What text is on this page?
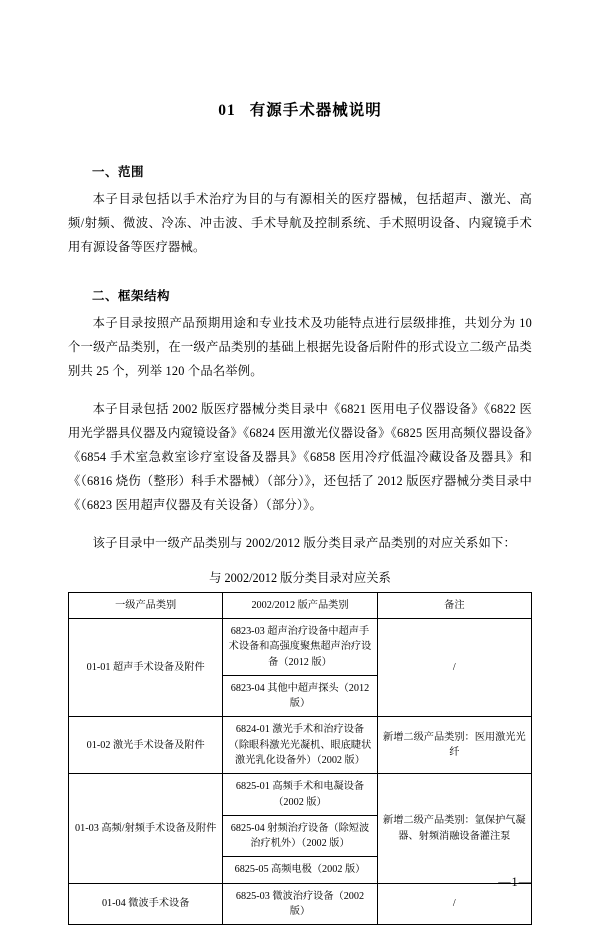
01 有源手术器械说明
一、范围

本子目录包括以手术治疗为目的与有源相关的医疗器械，包括超声、激光、高频/射频、微波、冷冻、冲击波、手术导航及控制系统、手术照明设备、内窥镜手术用有源设备等医疗器械。

二、框架结构

本子目录按照产品预期用途和专业技术及功能特点进行层级排推，共划分为 10 个一级产品类别，在一级产品类别的基础上根据先设备后附件的形式设立二级产品类别共 25 个，列举 120 个品名举例。

本子目录包括 2002 版医疗器械分类目录中《6821 医用电子仪器设备》《6822 医用光学器具仪器及内窥镜设备》《6824 医用激光仪器设备》《6825 医用高频仪器设备》《6854 手术室急救室诊疗室设备及器具》《6858 医用冷疗低温冷藏设备及器具》和《（6816 烧伤（整形）科手术器械）（部分）》，还包括了 2012 版医疗器械分类目录中《（6823 医用超声仪器及有关设备）（部分）》。

该子目录中一级产品类别与 2002/2012 版分类目录产品类别的对应关系如下：

与 2002/2012 版分类目录对应关系
一级产品类别	2002/2012 版产品类别	备注
01-01 超声手术设备及附件	6823-03 超声治疗设备中超声手术设备和高强度聚焦超声治疗设备（2012 版）	/
	6823-04 其他中超声探头（2012 版）	
01-02 激光手术设备及附件	6824-01 激光手术和治疗设备（除眼科激光光凝机、眼底睫状激光乳化设备外）（2002 版）	新增二级产品类别：医用激光光纤
01-03 高频/射频手术设备及附件	6825-01 高频手术和电凝设备（2002 版）	新增二级产品类别：氩保护气凝器、射频消融设备灌注泵
	6825-04 射频治疗设备（除短波治疗机外）（2002 版）	
	6825-05 高频电极（2002 版）	
01-04 微波手术设备	6825-03 微波治疗设备（2002 版）	/
—1—
